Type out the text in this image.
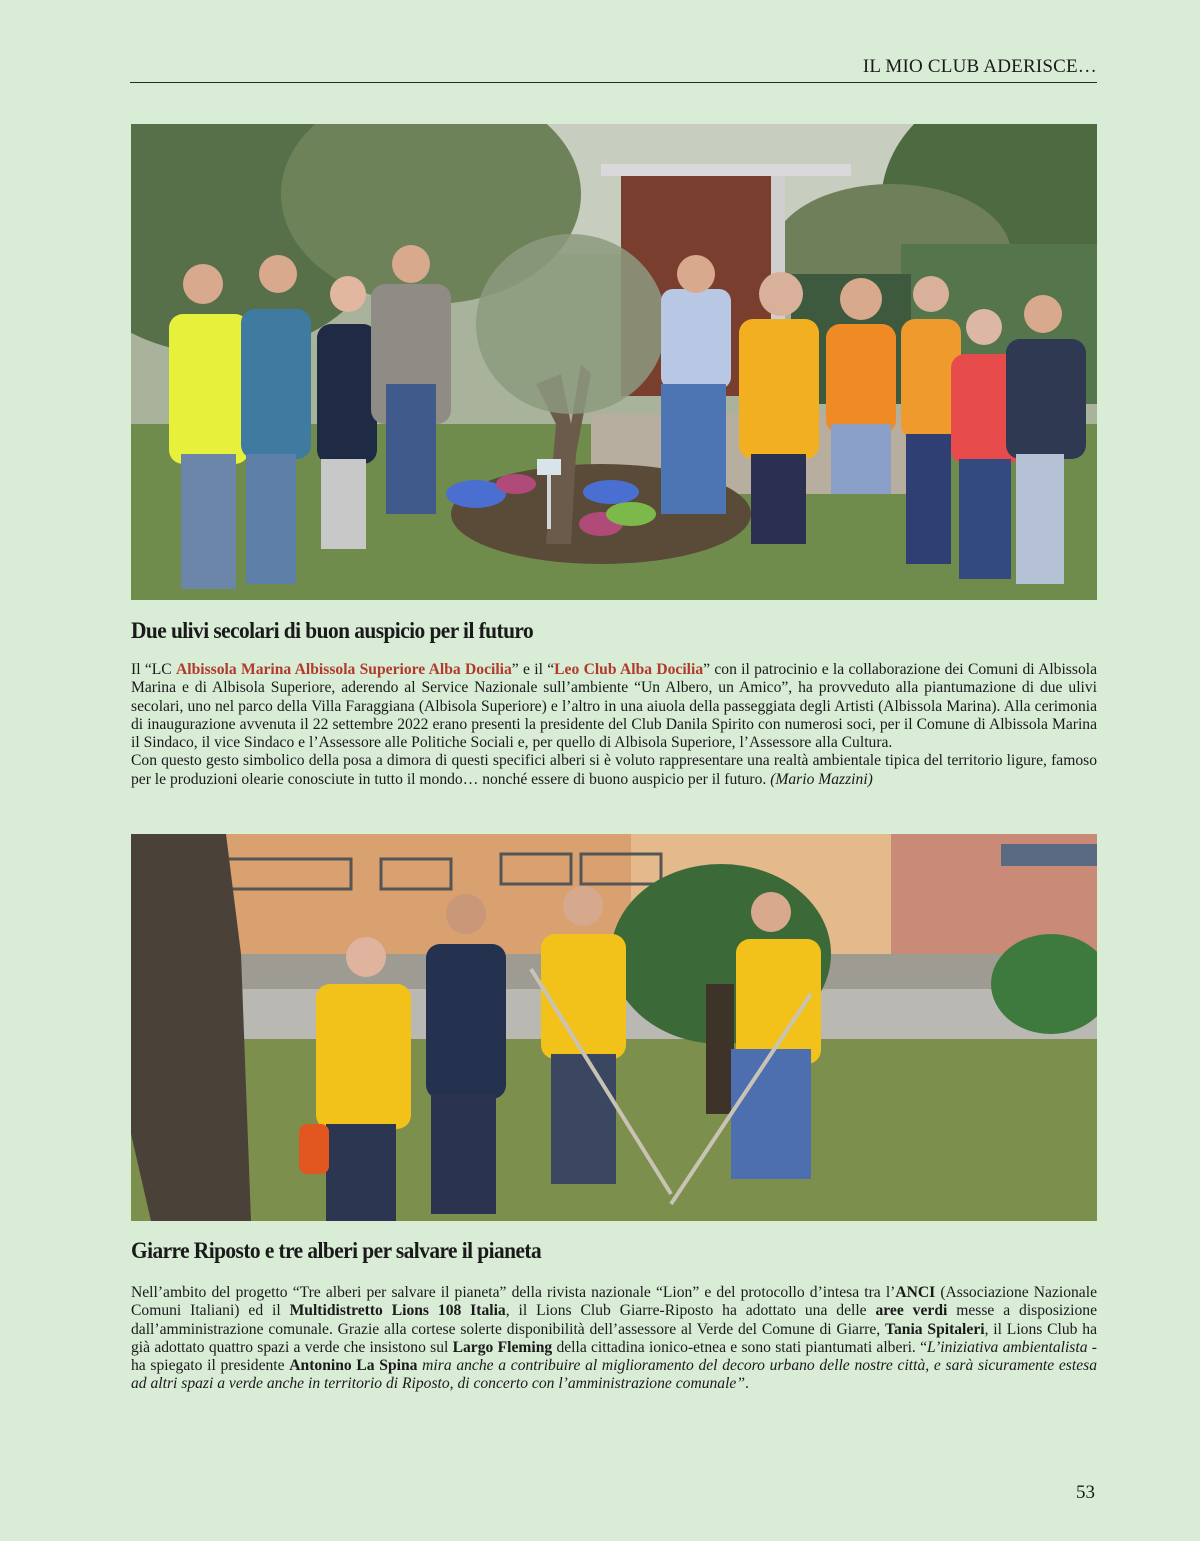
IL MIO CLUB ADERISCE…
Due ulivi secolari di buon auspicio per il futuro

Il “LC Albissola Marina Albissola Superiore Alba Docilia” e il “Leo Club Alba Docilia” con il patrocinio e la collaborazione dei Comuni di Albissola Marina e di Albisola Superiore, aderendo al Service Nazionale sull’ambiente “Un Albero, un Amico”, ha provveduto alla piantumazione di due ulivi secolari, uno nel parco della Villa Faraggiana (Albisola Superiore) e l’altro in una aiuola della passeggiata degli Artisti (Albissola Marina). Alla cerimonia di inaugurazione avvenuta il 22 settembre 2022 erano presenti la presidente del Club Danila Spirito con numerosi soci, per il Comune di Albissola Marina il Sindaco, il vice Sindaco e l’Assessore alle Politiche Sociali e, per quello di Albisola Superiore, l’Assessore alla Cultura.

Con questo gesto simbolico della posa a dimora di questi specifici alberi si è voluto rappresentare una realtà ambientale tipica del territorio ligure, famoso per le produzioni olearie conosciute in tutto il mondo… nonché essere di buono auspicio per il futuro. (Mario Mazzini)

Giarre Riposto e tre alberi per salvare il pianeta

Nell’ambito del progetto “Tre alberi per salvare il pianeta” della rivista nazionale “Lion” e del protocollo d’intesa tra l’ANCI (Associazione Nazionale Comuni Italiani) ed il Multidistretto Lions 108 Italia, il Lions Club Giarre-Riposto ha adottato una delle aree verdi messe a disposizione dall’amministrazione comunale. Grazie alla cortese solerte disponibilità dell’assessore al Verde del Comune di Giarre, Tania Spitaleri, il Lions Club ha già adottato quattro spazi a verde che insistono sul Largo Fleming della cittadina ionico-etnea e sono stati piantumati alberi. “L’iniziativa ambientalista - ha spiegato il presidente Antonino La Spina mira anche a contribuire al miglioramento del decoro urbano delle nostre città, e sarà sicuramente estesa ad altri spazi a verde anche in territorio di Riposto, di concerto con l’amministrazione comunale”.

53
